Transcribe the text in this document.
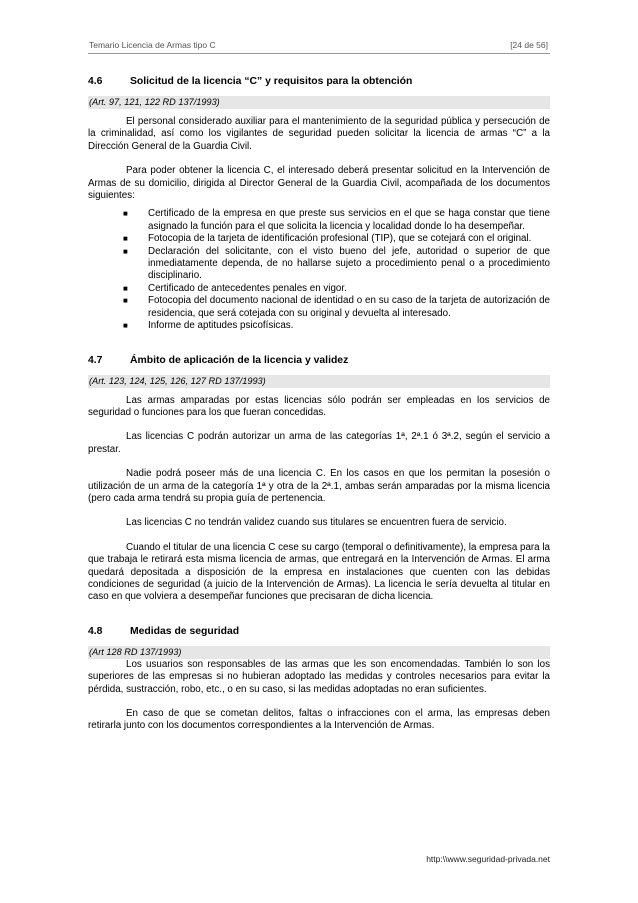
Temario Licencia de Armas tipo C	[24 de 56]
4.6	Solicitud de la licencia “C” y requisitos para la obtención
(Art. 97, 121, 122 RD 137/1993)

El personal considerado auxiliar para el mantenimiento de la seguridad pública y persecución de la criminalidad, así como los vigilantes de seguridad pueden solicitar la licencia de armas “C” a la Dirección General de la Guardia Civil.

Para poder obtener la licencia C, el interesado deberá presentar solicitud en la Intervención de Armas de su domicilio, dirigida al Director General de la Guardia Civil, acompañada de los documentos siguientes:

■ Certificado de la empresa en que preste sus servicios en el que se haga constar que tiene asignado la función para el que solicita la licencia y localidad donde lo ha desempeñar.
■ Fotocopia de la tarjeta de identificación profesional (TIP), que se cotejará con el original.
■ Declaración del solicitante, con el visto bueno del jefe, autoridad o superior de que inmediatamente dependa, de no hallarse sujeto a procedimiento penal o a procedimiento disciplinario.
■ Certificado de antecedentes penales en vigor.
■ Fotocopia del documento nacional de identidad o en su caso de la tarjeta de autorización de residencia, que será cotejada con su original y devuelta al interesado.
■ Informe de aptitudes psicofísicas.
4.7	Ámbito de aplicación de la licencia y validez
(Art. 123, 124, 125, 126, 127 RD 137/1993)

Las armas amparadas por estas licencias sólo podrán ser empleadas en los servicios de seguridad o funciones para los que fueran concedidas.

Las licencias C podrán autorizar un arma de las categorías 1ª, 2ª.1 ó 3ª.2, según el servicio a prestar.

Nadie podrá poseer más de una licencia C. En los casos en que los permitan la posesión o utilización de un arma de la categoría 1ª y otra de la 2ª.1, ambas serán amparadas por la misma licencia (pero cada arma tendrá su propia guía de pertenencia.

Las licencias C no tendrán validez cuando sus titulares se encuentren fuera de servicio.

Cuando el titular de una licencia C cese su cargo (temporal o definitivamente), la empresa para la que trabaja le retirará esta misma licencia de armas, que entregará en la Intervención de Armas. El arma quedará depositada a disposición de la empresa en instalaciones que cuenten con las debidas condiciones de seguridad (a juicio de la Intervención de Armas). La licencia le sería devuelta al titular en caso en que volviera a desempeñar funciones que precisaran de dicha licencia.

4.8	Medidas de seguridad
(Art 128 RD 137/1993)

Los usuarios son responsables de las armas que les son encomendadas. También lo son los superiores de las empresas si no hubieran adoptado las medidas y controles necesarios para evitar la pérdida, sustracción, robo, etc., o en su caso, si las medidas adoptadas no eran suficientes.

En caso de que se cometan delitos, faltas o infracciones con el arma, las empresas deben retirarla junto con los documentos correspondientes a la Intervención de Armas.

http:\\www.seguridad-privada.net
